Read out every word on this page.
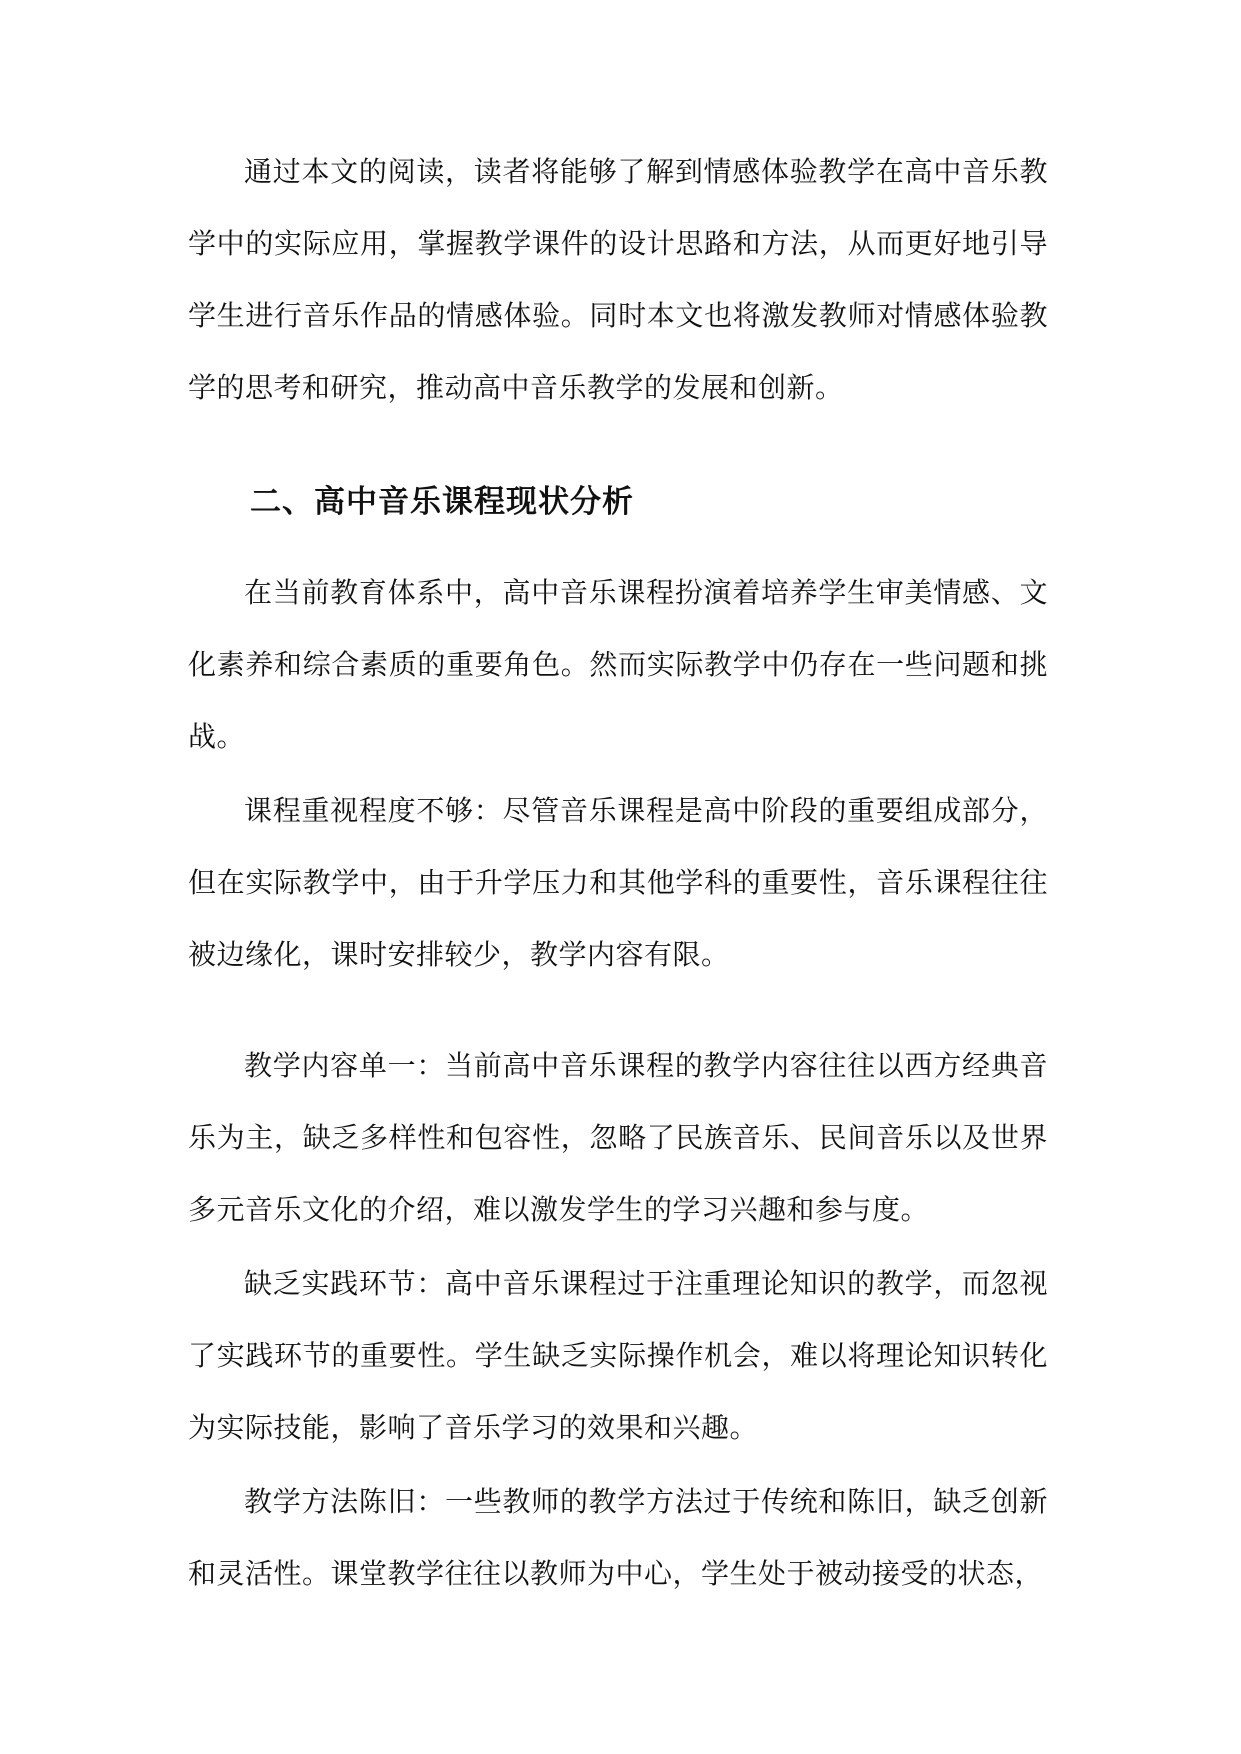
通过本文的阅读，读者将能够了解到情感体验教学在高中音乐教学中的实际应用，掌握教学课件的设计思路和方法，从而更好地引导学生进行音乐作品的情感体验。同时本文也将激发教师对情感体验教学的思考和研究，推动高中音乐教学的发展和创新。

二、高中音乐课程现状分析

在当前教育体系中，高中音乐课程扮演着培养学生审美情感、文化素养和综合素质的重要角色。然而实际教学中仍存在一些问题和挑战。

课程重视程度不够：尽管音乐课程是高中阶段的重要组成部分，但在实际教学中，由于升学压力和其他学科的重要性，音乐课程往往被边缘化，课时安排较少，教学内容有限。

教学内容单一：当前高中音乐课程的教学内容往往以西方经典音乐为主，缺乏多样性和包容性，忽略了民族音乐、民间音乐以及世界多元音乐文化的介绍，难以激发学生的学习兴趣和参与度。

缺乏实践环节：高中音乐课程过于注重理论知识的教学，而忽视了实践环节的重要性。学生缺乏实际操作机会，难以将理论知识转化为实际技能，影响了音乐学习的效果和兴趣。

教学方法陈旧：一些教师的教学方法过于传统和陈旧，缺乏创新和灵活性。课堂教学往往以教师为中心，学生处于被动接受的状态，
